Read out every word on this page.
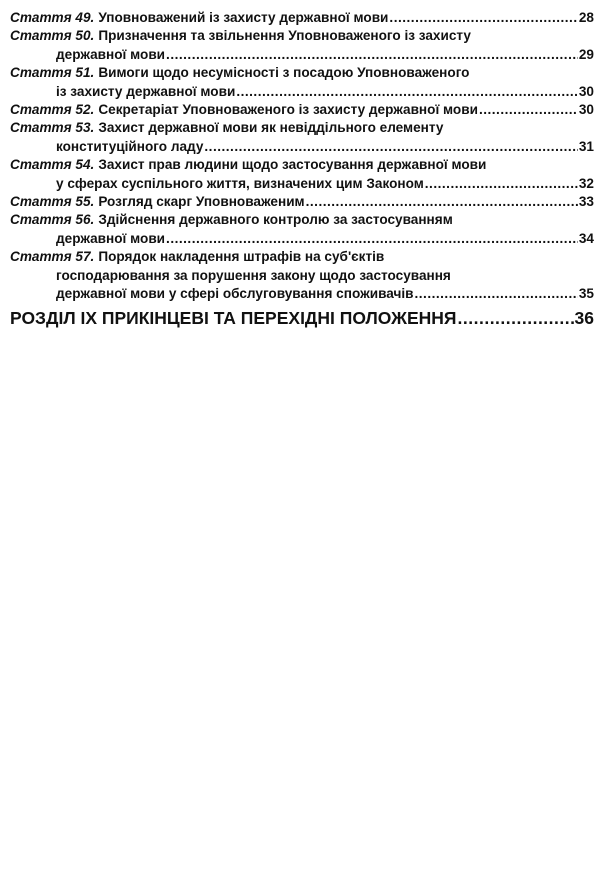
Стаття 49. Уповноважений із захисту державної мови .....	28
Стаття 50. Призначення та звільнення Уповноваженого із захисту
державної мови .....	29
Стаття 51. Вимоги щодо несумісності з посадою Уповноваженого
із захисту державної мови .....	30
Стаття 52. Секретаріат Уповноваженого із захисту державної мови .....	30
Стаття 53. Захист державної мови як невіддільного елементу
конституційного ладу .....	31
Стаття 54. Захист прав людини щодо застосування державної мови
у сферах суспільного життя, визначених цим Законом .....	32
Стаття 55. Розгляд скарг Уповноваженим .....	33
Стаття 56. Здійснення державного контролю за застосуванням
державної мови .....	34
Стаття 57. Порядок накладення штрафів на суб'єктів
господарювання за порушення закону щодо застосування
державної мови у сфері обслуговування споживачів .....	35
РОЗДІЛ IX ПРИКІНЦЕВІ ТА ПЕРЕХІДНІ ПОЛОЖЕННЯ .....	36
